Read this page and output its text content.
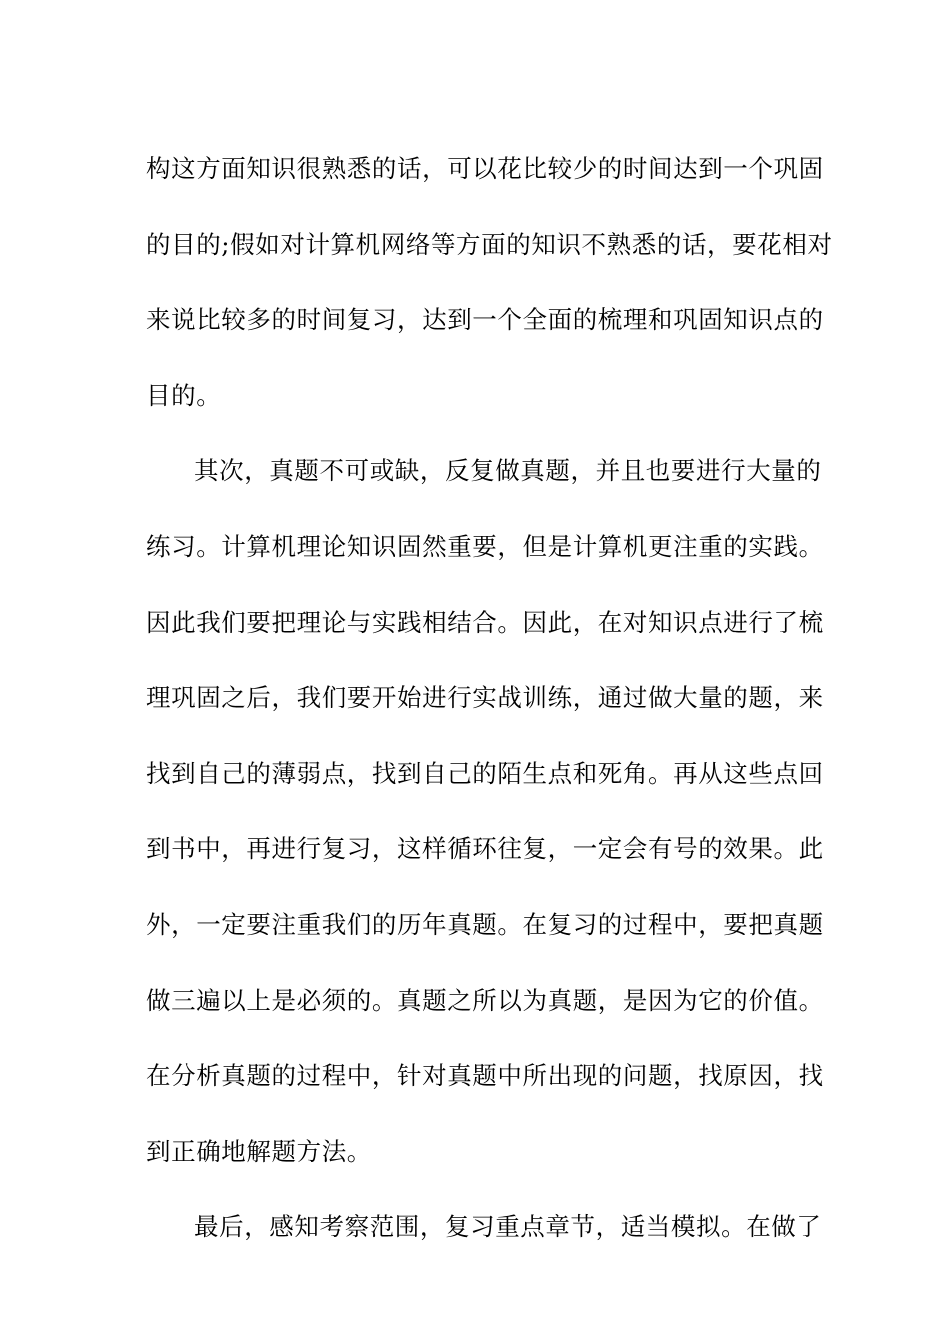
构这方面知识很熟悉的话，可以花比较少的时间达到一个巩固
的目的;假如对计算机网络等方面的知识不熟悉的话，要花相对
来说比较多的时间复习，达到一个全面的梳理和巩固知识点的
目的。
其次，真题不可或缺，反复做真题，并且也要进行大量的
练习。计算机理论知识固然重要，但是计算机更注重的实践。
因此我们要把理论与实践相结合。因此，在对知识点进行了梳
理巩固之后，我们要开始进行实战训练，通过做大量的题，来
找到自己的薄弱点，找到自己的陌生点和死角。再从这些点回
到书中，再进行复习，这样循环往复，一定会有号的效果。此
外，一定要注重我们的历年真题。在复习的过程中，要把真题
做三遍以上是必须的。真题之所以为真题，是因为它的价值。
在分析真题的过程中，针对真题中所出现的问题，找原因，找
到正确地解题方法。
最后，感知考察范围，复习重点章节，适当模拟。在做了
